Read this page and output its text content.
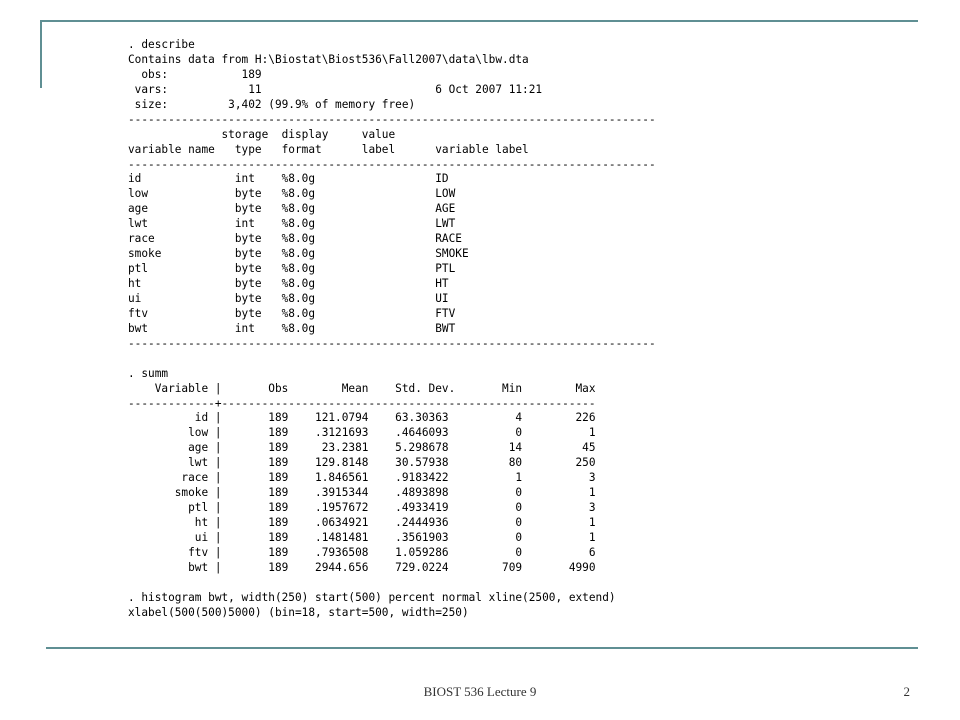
. describe
Contains data from H:\Biostat\Biost536\Fall2007\data\lbw.dta
obs:           189
vars:            11                          6 Oct 2007 11:21
size:         3,402 (99.9% of memory free)
-------------------------------------------------------------------------------
storage  display     value
variable name   type   format      label      variable label
-------------------------------------------------------------------------------
id              int    %8.0g                  ID
low             byte   %8.0g                  LOW
age             byte   %8.0g                  AGE
lwt             int    %8.0g                  LWT
race            byte   %8.0g                  RACE
smoke           byte   %8.0g                  SMOKE
ptl             byte   %8.0g                  PTL
ht              byte   %8.0g                  HT
ui              byte   %8.0g                  UI
ftv             byte   %8.0g                  FTV
bwt             int    %8.0g                  BWT
-------------------------------------------------------------------------------

. summ
Variable |       Obs        Mean    Std. Dev.       Min        Max
-------------+--------------------------------------------------------
id |       189    121.0794    63.30363          4        226
low |       189    .3121693    .4646093          0          1
age |       189     23.2381    5.298678         14         45
lwt |       189    129.8148    30.57938         80        250
race |       189    1.846561    .9183422          1          3
smoke |       189    .3915344    .4893898          0          1
ptl |       189    .1957672    .4933419          0          3
ht |       189    .0634921    .2444936          0          1
ui |       189    .1481481    .3561903          0          1
ftv |       189    .7936508    1.059286          0          6
bwt |       189    2944.656    729.0224        709       4990

. histogram bwt, width(250) start(500) percent normal xline(2500, extend)
xlabel(500(500)5000) (bin=18, start=500, width=250)
BIOST 536 Lecture 9	2
